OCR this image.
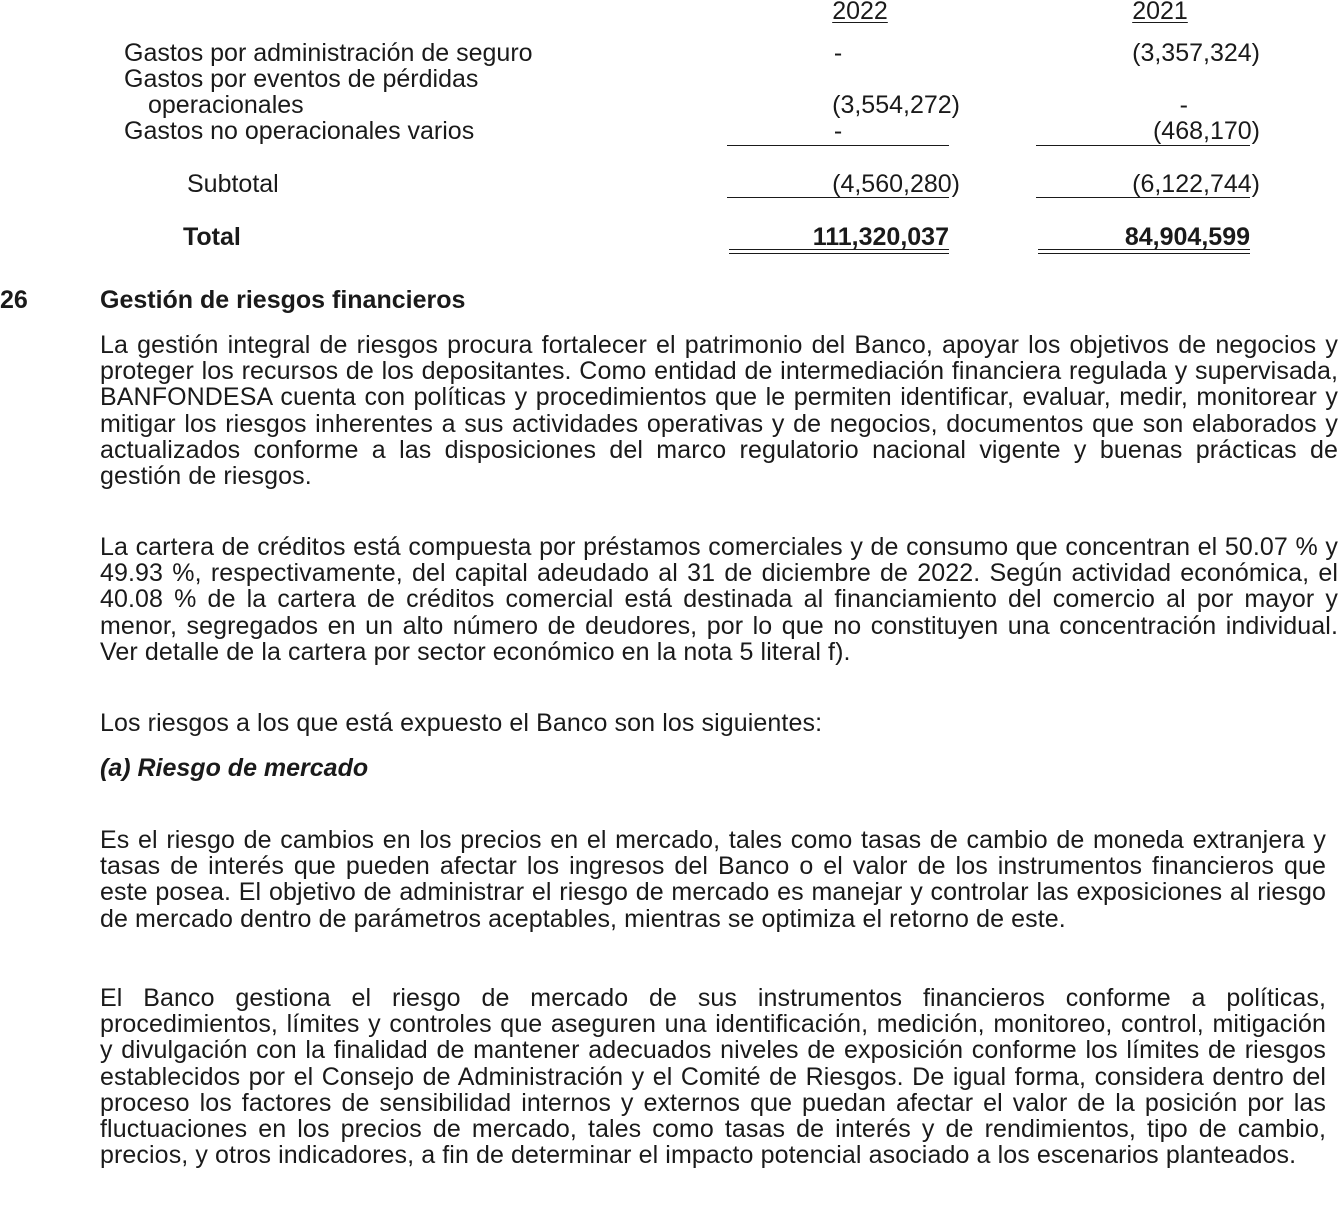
2022	2021
Gastos por administración de seguro	-	(3,357,324)
Gastos por eventos de pérdidas
operacionales	(3,554,272)	-
Gastos no operacionales varios	-	(468,170)
Subtotal	(4,560,280)	(6,122,744)
Total	111,320,037	84,904,599
26	Gestión de riesgos financieros
La gestión integral de riesgos procura fortalecer el patrimonio del Banco, apoyar los objetivos de negocios y proteger los recursos de los depositantes. Como entidad de intermediación financiera regulada y supervisada, BANFONDESA cuenta con políticas y procedimientos que le permiten identificar, evaluar, medir, monitorear y mitigar los riesgos inherentes a sus actividades operativas y de negocios, documentos que son elaborados y actualizados conforme a las disposiciones del marco regulatorio nacional vigente y buenas prácticas de gestión de riesgos.
La cartera de créditos está compuesta por préstamos comerciales y de consumo que concentran el 50.07 % y 49.93 %, respectivamente, del capital adeudado al 31 de diciembre de 2022. Según actividad económica, el 40.08 % de la cartera de créditos comercial está destinada al financiamiento del comercio al por mayor y menor, segregados en un alto número de deudores, por lo que no constituyen una concentración individual. Ver detalle de la cartera por sector económico en la nota 5 literal f).
Los riesgos a los que está expuesto el Banco son los siguientes:
(a) Riesgo de mercado
Es el riesgo de cambios en los precios en el mercado, tales como tasas de cambio de moneda extranjera y tasas de interés que pueden afectar los ingresos del Banco o el valor de los instrumentos financieros que este posea. El objetivo de administrar el riesgo de mercado es manejar y controlar las exposiciones al riesgo de mercado dentro de parámetros aceptables, mientras se optimiza el retorno de este.
El Banco gestiona el riesgo de mercado de sus instrumentos financieros conforme a políticas, procedimientos, límites y controles que aseguren una identificación, medición, monitoreo, control, mitigación y divulgación con la finalidad de mantener adecuados niveles de exposición conforme los límites de riesgos establecidos por el Consejo de Administración y el Comité de Riesgos. De igual forma, considera dentro del proceso los factores de sensibilidad internos y externos que puedan afectar el valor de la posición por las fluctuaciones en los precios de mercado, tales como tasas de interés y de rendimientos, tipo de cambio, precios, y otros indicadores, a fin de determinar el impacto potencial asociado a los escenarios planteados.
